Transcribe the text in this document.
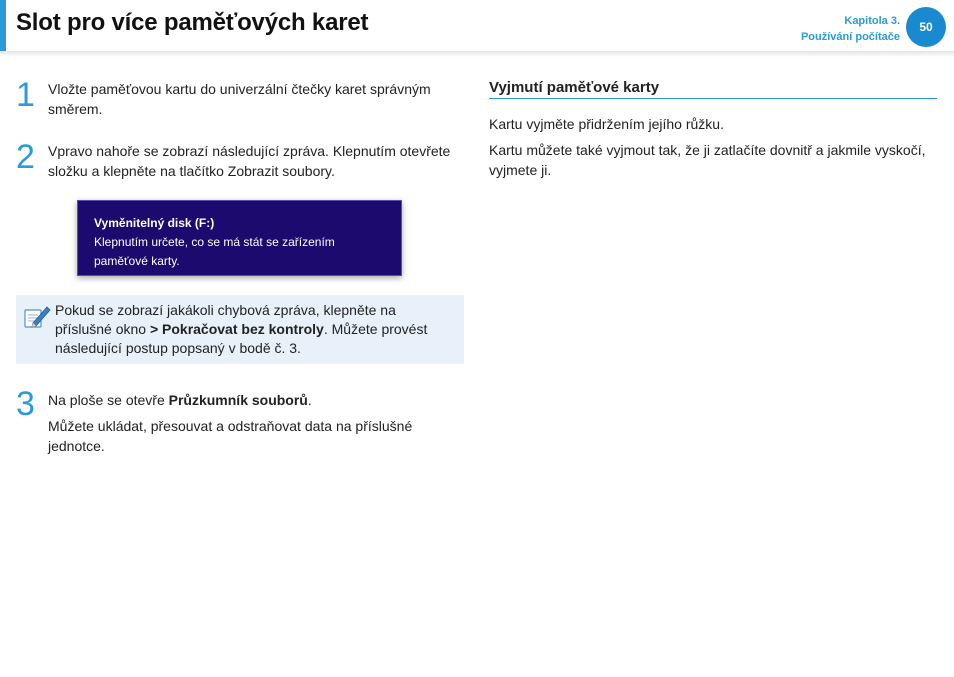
Slot pro více paměťových karet	Kapitola 3.
Používání počítače
50
1 Vložte paměťovou kartu do univerzální čtečky karet správným směrem.

2 Vpravo nahoře se zobrazí následující zpráva. Klepnutím otevřete složku a klepněte na tlačítko Zobrazit soubory.

Vyměnitelný disk (F:)
Klepnutím určete, co se má stát se zařízením paměťové karty.
Pokud se zobrazí jakákoli chybová zpráva, klepněte na příslušné okno > Pokračovat bez kontroly. Můžete provést následující postup popsaný v bodě č. 3.
3 Na ploše se otevře Průzkumník souborů.

Můžete ukládat, přesouvat a odstraňovat data na příslušné jednotce.

Vyjmutí paměťové karty

Kartu vyjměte přidržením jejího růžku.

Kartu můžete také vyjmout tak, že ji zatlačíte dovnitř a jakmile vyskočí, vyjmete ji.
